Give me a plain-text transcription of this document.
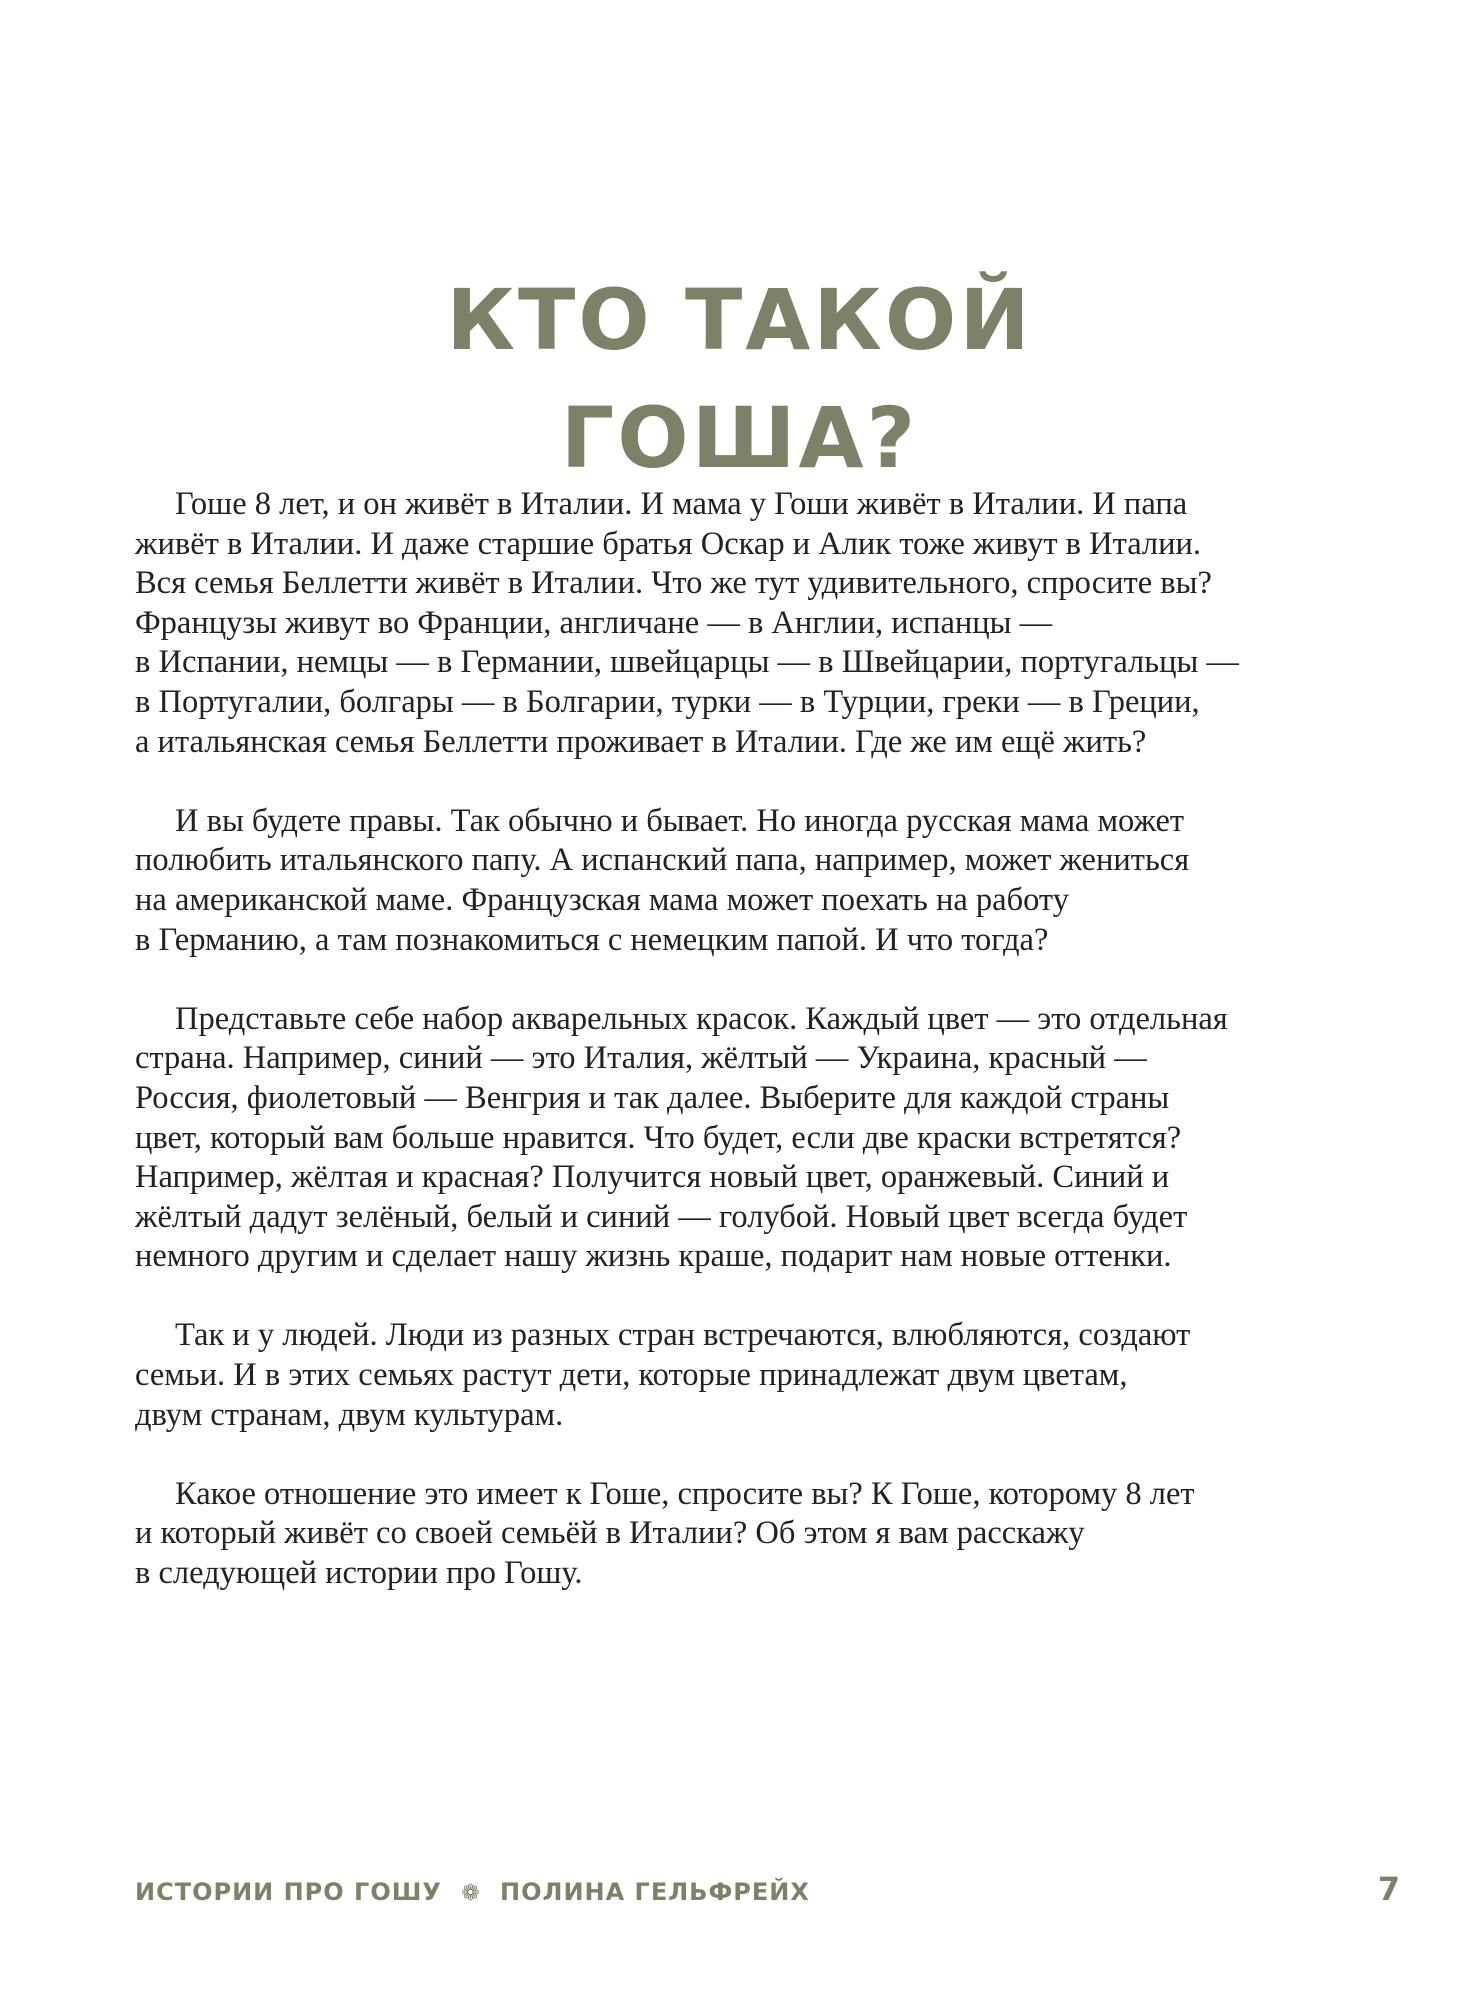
КТО ТАКОЙ
ГОША?

Гоше 8 лет, и он живёт в Италии. И мама у Гоши живёт в Италии. И папа
живёт в Италии. И даже старшие братья Оскар и Алик тоже живут в Италии.
Вся семья Беллетти живёт в Италии. Что же тут удивительного, спросите вы?
Французы живут во Франции, англичане — в Англии, испанцы —
в Испании, немцы — в Германии, швейцарцы — в Швейцарии, португальцы —
в Португалии, болгары — в Болгарии, турки — в Турции, греки — в Греции,
а итальянская семья Беллетти проживает в Италии. Где же им ещё жить?

И вы будете правы. Так обычно и бывает. Но иногда русская мама может
полюбить итальянского папу. А испанский папа, например, может жениться
на американской маме. Французская мама может поехать на работу
в Германию, а там познакомиться с немецким папой. И что тогда?

Представьте себе набор акварельных красок. Каждый цвет — это отдельная
страна. Например, синий — это Италия, жёлтый — Украина, красный —
Россия, фиолетовый — Венгрия и так далее. Выберите для каждой страны
цвет, который вам больше нравится. Что будет, если две краски встретятся?
Например, жёлтая и красная? Получится новый цвет, оранжевый. Синий и
жёлтый дадут зелёный, белый и синий — голубой. Новый цвет всегда будет
немного другим и сделает нашу жизнь краше, подарит нам новые оттенки.

Так и у людей. Люди из разных стран встречаются, влюбляются, создают
семьи. И в этих семьях растут дети, которые принадлежат двум цветам,
двум странам, двум культурам.

Какое отношение это имеет к Гоше, спросите вы? К Гоше, которому 8 лет
и который живёт со своей семьёй в Италии? Об этом я вам расскажу
в следующей истории про Гошу.

ИСТОРИИ ПРО ГОШУ ❁ ПОЛИНА ГЕЛЬФРЕЙХ	7
